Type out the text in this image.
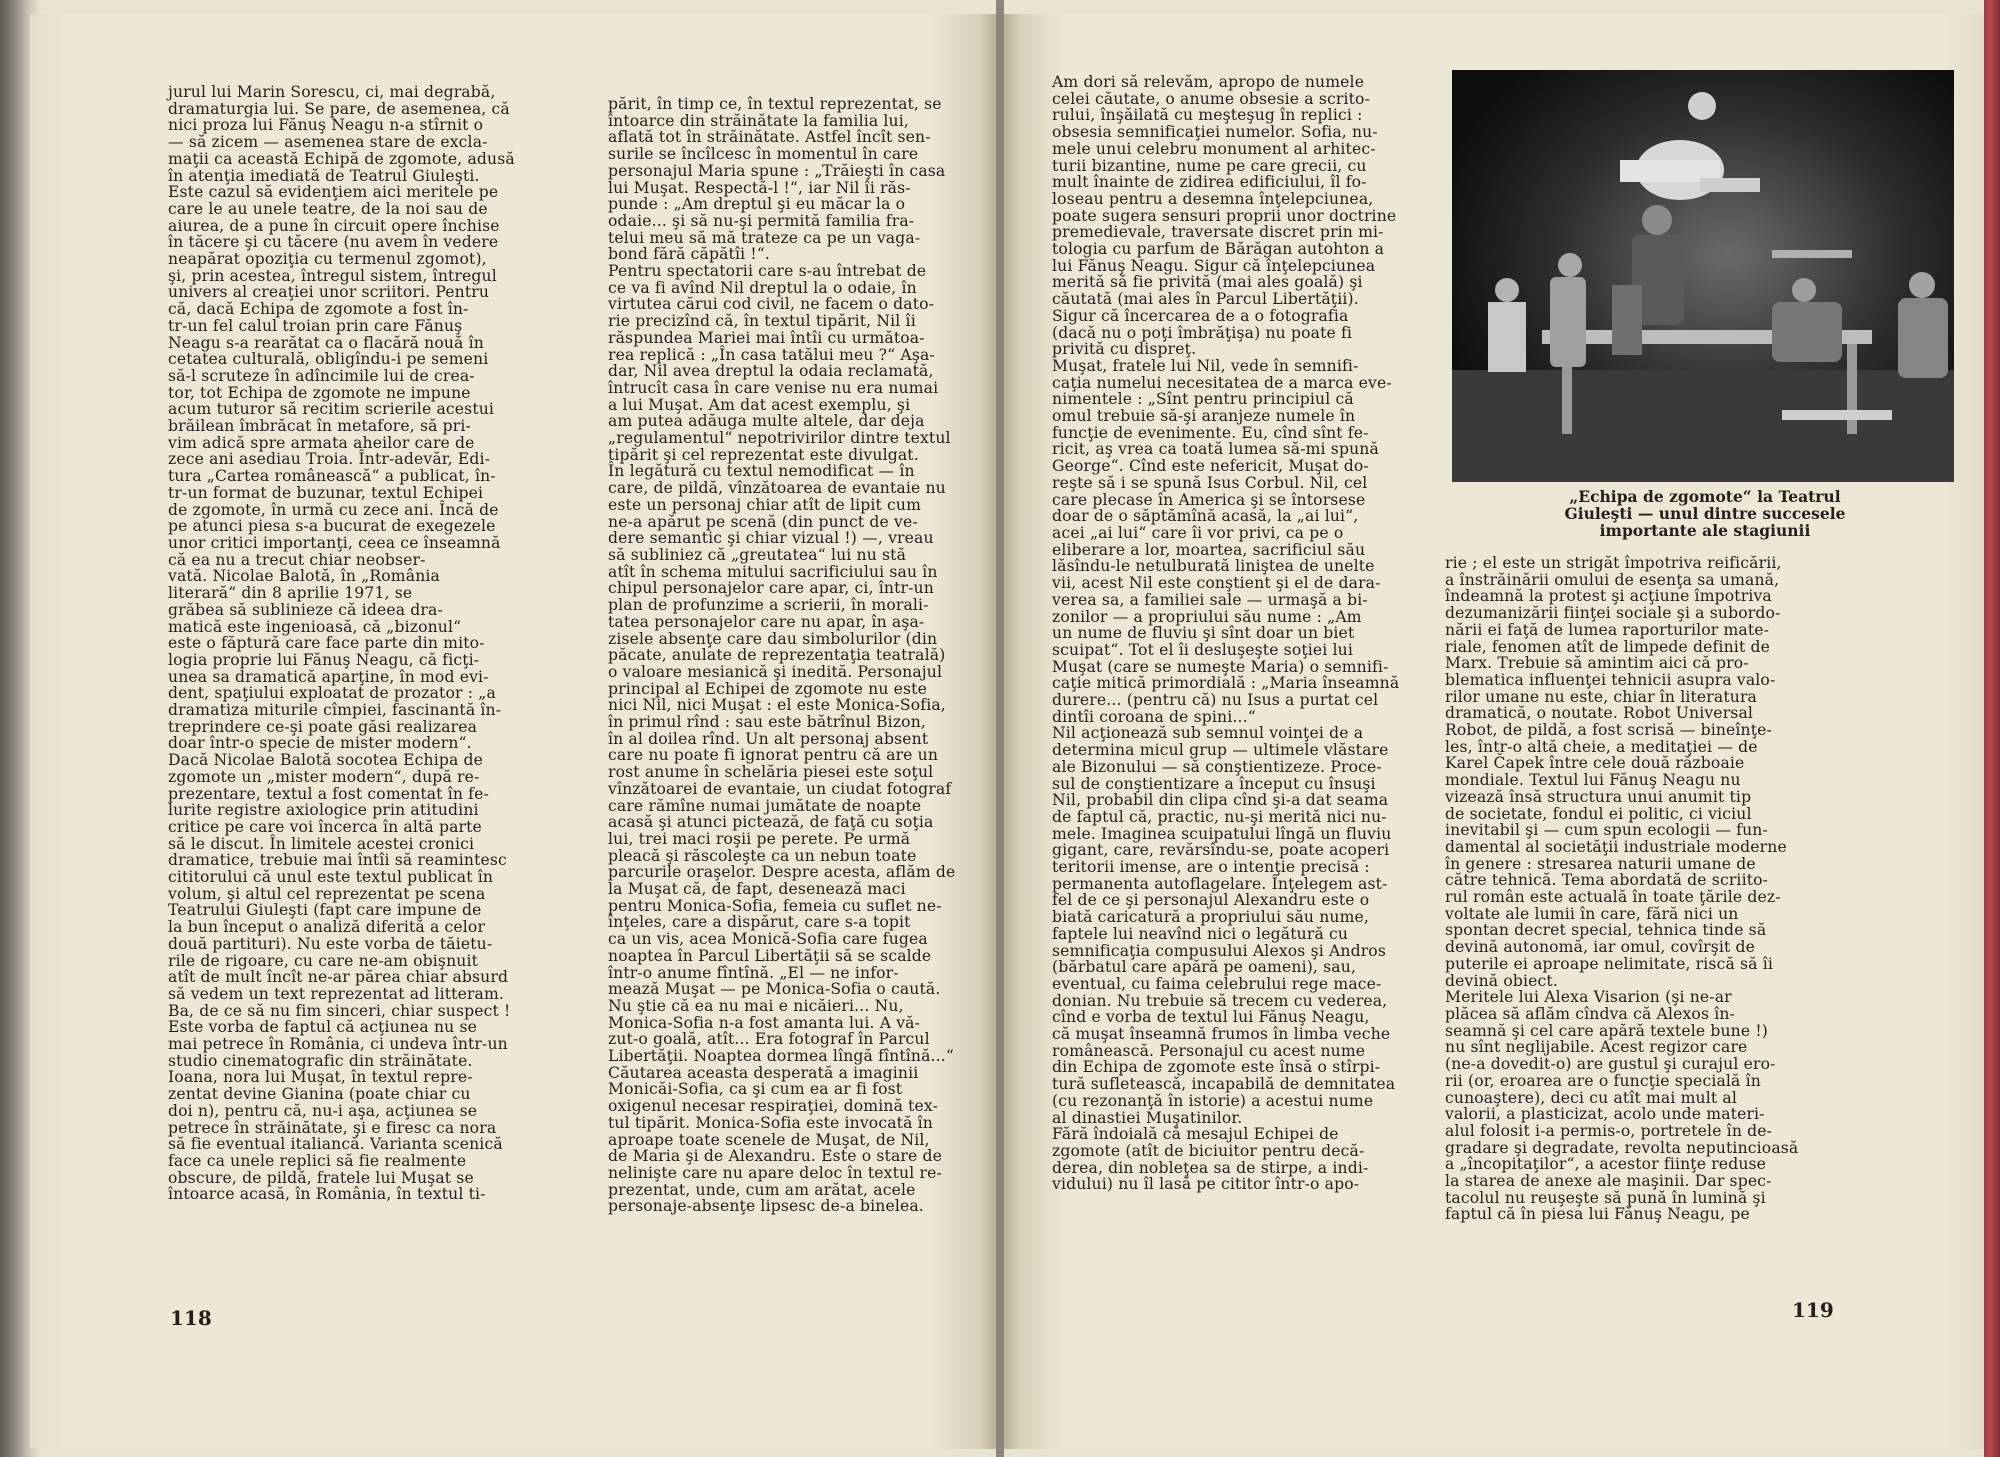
jurul lui Marin Sorescu, ci, mai degrabă,
dramaturgia lui. Se pare, de asemenea, că
nici proza lui Fănuş Neagu n-a stîrnit o
— să zicem — asemenea stare de excla-
maţii ca această Echipă de zgomote, adusă
în atenţia imediată de Teatrul Giuleşti.
Este cazul să evidenţiem aici meritele pe
care le au unele teatre, de la noi sau de
aiurea, de a pune în circuit opere închise
în tăcere şi cu tăcere (nu avem în vedere
neapărat opoziţia cu termenul zgomot),
şi, prin acestea, întregul sistem, întregul
univers al creaţiei unor scriitori. Pentru
că, dacă Echipa de zgomote a fost în-
tr-un fel calul troian prin care Fănuş
Neagu s-a rearătat ca o flacără nouă în
cetatea culturală, obligîndu-i pe semeni
să-l scruteze în adîncimile lui de crea-
tor, tot Echipa de zgomote ne impune
acum tuturor să recitim scrierile acestui
brăilean îmbrăcat în metafore, să pri-
vim adică spre armata aheilor care de
zece ani asediau Troia. Într-adevăr, Edi-
tura „Cartea românească“ a publicat, în-
tr-un format de buzunar, textul Echipei
de zgomote, în urmă cu zece ani. Încă de
pe atunci piesa s-a bucurat de exegezele
unor critici importanţi, ceea ce înseamnă
că ea nu a trecut chiar neobser-
vată. Nicolae Balotă, în „România
literară“ din 8 aprilie 1971, se
grăbea să sublinieze că ideea dra-
matică este ingenioasă, că „bizonul“
este o făptură care face parte din mito-
logia proprie lui Fănuş Neagu, că ficţi-
unea sa dramatică aparţine, în mod evi-
dent, spaţiului exploatat de prozator : „a
dramatiza miturile cîmpiei, fascinantă în-
treprindere ce-şi poate găsi realizarea
doar într-o specie de mister modern“.
Dacă Nicolae Balotă socotea Echipa de
zgomote un „mister modern“, după re-
prezentare, textul a fost comentat în fe-
lurite registre axiologice prin atitudini
critice pe care voi încerca în altă parte
să le discut. În limitele acestei cronici
dramatice, trebuie mai întîi să reamintesc
cititorului că unul este textul publicat în
volum, şi altul cel reprezentat pe scena
Teatrului Giuleşti (fapt care impune de
la bun început o analiză diferită a celor
două partituri). Nu este vorba de tăietu-
rile de rigoare, cu care ne-am obişnuit
atît de mult încît ne-ar părea chiar absurd
să vedem un text reprezentat ad litteram.
Ba, de ce să nu fim sinceri, chiar suspect !
Este vorba de faptul că acţiunea nu se
mai petrece în România, ci undeva într-un
studio cinematografic din străinătate.
Ioana, nora lui Muşat, în textul repre-
zentat devine Gianina (poate chiar cu
doi n), pentru că, nu-i aşa, acţiunea se
petrece în străinătate, şi e firesc ca nora
să fie eventual italiancă. Varianta scenică
face ca unele replici să fie realmente
obscure, de pildă, fratele lui Muşat se
întoarce acasă, în România, în textul ti-
părit, în timp ce, în textul reprezentat, se
întoarce din străinătate la familia lui,
aflată tot în străinătate. Astfel încît sen-
surile se încîlcesc în momentul în care
personajul Maria spune : „Trăieşti în casa
lui Muşat. Respectă-l !“, iar Nil îi răs-
punde : „Am dreptul şi eu măcar la o
odaie... şi să nu-şi permită familia fra-
telui meu să mă trateze ca pe un vaga-
bond fără căpătîi !“.
Pentru spectatorii care s-au întrebat de
ce va fi avînd Nil dreptul la o odaie, în
virtutea cărui cod civil, ne facem o dato-
rie precizînd că, în textul tipărit, Nil îi
răspundea Mariei mai întîi cu următoa-
rea replică : „În casa tatălui meu ?“ Aşa-
dar, Nil avea dreptul la odaia reclamată,
întrucît casa în care venise nu era numai
a lui Muşat. Am dat acest exemplu, şi
am putea adăuga multe altele, dar deja
„regulamentul“ nepotrivirilor dintre textul
tipărit şi cel reprezentat este divulgat.
În legătură cu textul nemodificat — în
care, de pildă, vînzătoarea de evantaie nu
este un personaj chiar atît de lipit cum
ne-a apărut pe scenă (din punct de ve-
dere semantic şi chiar vizual !) —, vreau
să subliniez că „greutatea“ lui nu stă
atît în schema mitului sacrificiului sau în
chipul personajelor care apar, ci, într-un
plan de profunzime a scrierii, în morali-
tatea personajelor care nu apar, în aşa-
zisele absenţe care dau simbolurilor (din
păcate, anulate de reprezentaţia teatrală)
o valoare mesianică şi inedită. Personajul
principal al Echipei de zgomote nu este
nici Nil, nici Muşat : el este Monica-Sofia,
în primul rînd : sau este bătrînul Bizon,
în al doilea rînd. Un alt personaj absent
care nu poate fi ignorat pentru că are un
rost anume în schelăria piesei este soţul
vînzătoarei de evantaie, un ciudat fotograf
care rămîne numai jumătate de noapte
acasă şi atunci pictează, de faţă cu soţia
lui, trei maci roşii pe perete. Pe urmă
pleacă şi răscoleşte ca un nebun toate
parcurile oraşelor. Despre acesta, aflăm de
la Muşat că, de fapt, desenează maci
pentru Monica-Sofia, femeia cu suflet ne-
înţeles, care a dispărut, care s-a topit
ca un vis, acea Monică-Sofia care fugea
noaptea în Parcul Libertăţii să se scalde
într-o anume fîntînă. „El — ne infor-
mează Muşat — pe Monica-Sofia o caută.
Nu ştie că ea nu mai e nicăieri... Nu,
Monica-Sofia n-a fost amanta lui. A vă-
zut-o goală, atît... Era fotograf în Parcul
Libertăţii. Noaptea dormea lîngă fîntînă...“
Căutarea aceasta desperată a imaginii
Monicăi-Sofia, ca şi cum ea ar fi fost
oxigenul necesar respiraţiei, domină tex-
tul tipărit. Monica-Sofia este invocată în
aproape toate scenele de Muşat, de Nil,
de Maria şi de Alexandru. Este o stare de
nelinişte care nu apare deloc în textul re-
prezentat, unde, cum am arătat, acele
personaje-absenţe lipsesc de-a binelea.
118
Am dori să relevăm, apropo de numele
celei căutate, o anume obsesie a scrito-
rului, înşăilată cu meşteşug în replici :
obsesia semnificaţiei numelor. Sofia, nu-
mele unui celebru monument al arhitec-
turii bizantine, nume pe care grecii, cu
mult înainte de zidirea edificiului, îl fo-
loseau pentru a desemna înţelepciunea,
poate sugera sensuri proprii unor doctrine
premedievale, traversate discret prin mi-
tologia cu parfum de Bărăgan autohton a
lui Fănuş Neagu. Sigur că înţelepciunea
merită să fie privită (mai ales goală) şi
căutată (mai ales în Parcul Libertăţii).
Sigur că încercarea de a o fotografia
(dacă nu o poţi îmbrăţişa) nu poate fi
privită cu dispreţ.
Muşat, fratele lui Nil, vede în semnifi-
caţia numelui necesitatea de a marca eve-
nimentele : „Sînt pentru principiul că
omul trebuie să-şi aranjeze numele în
funcţie de evenimente. Eu, cînd sînt fe-
ricit, aş vrea ca toată lumea să-mi spună
George“. Cînd este nefericit, Muşat do-
reşte să i se spună Isus Corbul. Nil, cel
care plecase în America şi se întorsese
doar de o săptămînă acasă, la „ai lui“,
acei „ai lui“ care îi vor privi, ca pe o
eliberare a lor, moartea, sacrificiul său
lăsîndu-le netulburată liniştea de unelte
vii, acest Nil este conştient şi el de dara-
verea sa, a familiei sale — urmaşă a bi-
zonilor — a propriului său nume : „Am
un nume de fluviu şi sînt doar un biet
scuipat“. Tot el îi desluşeşte soţiei lui
Muşat (care se numeşte Maria) o semnifi-
caţie mitică primordială : „Maria înseamnă
durere... (pentru că) nu Isus a purtat cel
dintîi coroana de spini...“
Nil acţionează sub semnul voinţei de a
determina micul grup — ultimele vlăstare
ale Bizonului — să conştientizeze. Proce-
sul de conştientizare a început cu însuşi
Nil, probabil din clipa cînd şi-a dat seama
de faptul că, practic, nu-şi merită nici nu-
mele. Imaginea scuipatului lîngă un fluviu
gigant, care, revărsîndu-se, poate acoperi
teritorii imense, are o intenţie precisă :
permanenta autoflagelare. Înţelegem ast-
fel de ce şi personajul Alexandru este o
biată caricatură a propriului său nume,
faptele lui neavînd nici o legătură cu
semnificaţia compusului Alexos şi Andros
(bărbatul care apără pe oameni), sau,
eventual, cu faima celebrului rege mace-
donian. Nu trebuie să trecem cu vederea,
cînd e vorba de textul lui Fănuş Neagu,
că muşat înseamnă frumos în limba veche
românească. Personajul cu acest nume
din Echipa de zgomote este însă o stîrpi-
tură sufletească, incapabilă de demnitatea
(cu rezonanţă în istorie) a acestui nume
al dinastiei Muşatinilor.
Fără îndoială că mesajul Echipei de
zgomote (atît de biciuitor pentru decă-
derea, din nobleţea sa de stirpe, a indi-
vidului) nu îl lasă pe cititor într-o apo-
„Echipa de zgomote“ la Teatrul
Giuleşti — unul dintre succesele
importante ale stagiunii
rie ; el este un strigăt împotriva reificării,
a înstrăinării omului de esenţa sa umană,
îndeamnă la protest şi acţiune împotriva
dezumanizării fiinţei sociale şi a subordo-
nării ei faţă de lumea raporturilor mate-
riale, fenomen atît de limpede definit de
Marx. Trebuie să amintim aici că pro-
blematica influenţei tehnicii asupra valo-
rilor umane nu este, chiar în literatura
dramatică, o noutate. Robot Universal
Robot, de pildă, a fost scrisă — bineînţe-
les, într-o altă cheie, a meditaţiei — de
Karel Čapek între cele două războaie
mondiale. Textul lui Fănuş Neagu nu
vizează însă structura unui anumit tip
de societate, fondul ei politic, ci viciul
inevitabil şi — cum spun ecologii — fun-
damental al societăţii industriale moderne
în genere : stresarea naturii umane de
către tehnică. Tema abordată de scriito-
rul român este actuală în toate ţările dez-
voltate ale lumii în care, fără nici un
spontan decret special, tehnica tinde să
devină autonomă, iar omul, covîrşit de
puterile ei aproape nelimitate, riscă să îi
devină obiect.
Meritele lui Alexa Visarion (şi ne-ar
plăcea să aflăm cîndva că Alexos în-
seamnă şi cel care apără textele bune !)
nu sînt neglijabile. Acest regizor care
(ne-a dovedit-o) are gustul şi curajul ero-
rii (or, eroarea are o funcţie specială în
cunoaştere), deci cu atît mai mult al
valorii, a plasticizat, acolo unde materi-
alul folosit i-a permis-o, portretele în de-
gradare şi degradate, revolta neputincioasă
a „încopitaţilor“, a acestor fiinţe reduse
la starea de anexe ale maşinii. Dar spec-
tacolul nu reuşeşte să pună în lumină şi
faptul că în piesa lui Fănuş Neagu, pe
119
